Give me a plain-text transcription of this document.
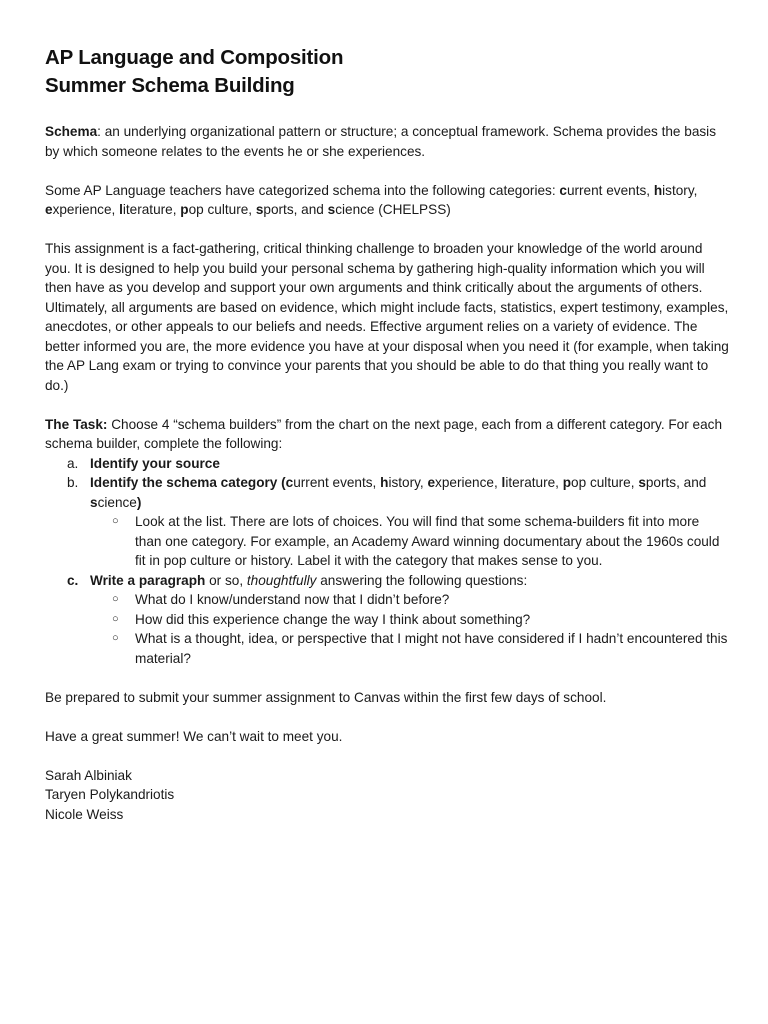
AP Language and Composition
Summer Schema Building

Schema: an underlying organizational pattern or structure; a conceptual framework. Schema provides the basis by which someone relates to the events he or she experiences.

Some AP Language teachers have categorized schema into the following categories: current events, history, experience, literature, pop culture, sports, and science (CHELPSS)

This assignment is a fact-gathering, critical thinking challenge to broaden your knowledge of the world around you. It is designed to help you build your personal schema by gathering high-quality information which you will then have as you develop and support your own arguments and think critically about the arguments of others. Ultimately, all arguments are based on evidence, which might include facts, statistics, expert testimony, examples, anecdotes, or other appeals to our beliefs and needs. Effective argument relies on a variety of evidence. The better informed you are, the more evidence you have at your disposal when you need it (for example, when taking the AP Lang exam or trying to convince your parents that you should be able to do that thing you really want to do.)

The Task: Choose 4 “schema builders” from the chart on the next page, each from a different category. For each schema builder, complete the following:

a. Identify your source
b. Identify the schema category (current events, history, experience, literature, pop culture, sports, and science)
○ Look at the list. There are lots of choices. You will find that some schema-builders fit into more than one category. For example, an Academy Award winning documentary about the 1960s could fit in pop culture or history. Label it with the category that makes sense to you.
c. Write a paragraph or so, thoughtfully answering the following questions:
○ What do I know/understand now that I didn’t before?
○ How did this experience change the way I think about something?
○ What is a thought, idea, or perspective that I might not have considered if I hadn’t encountered this material?

Be prepared to submit your summer assignment to Canvas within the first few days of school.

Have a great summer! We can’t wait to meet you.

Sarah Albiniak

Taryen Polykandriotis

Nicole Weiss
